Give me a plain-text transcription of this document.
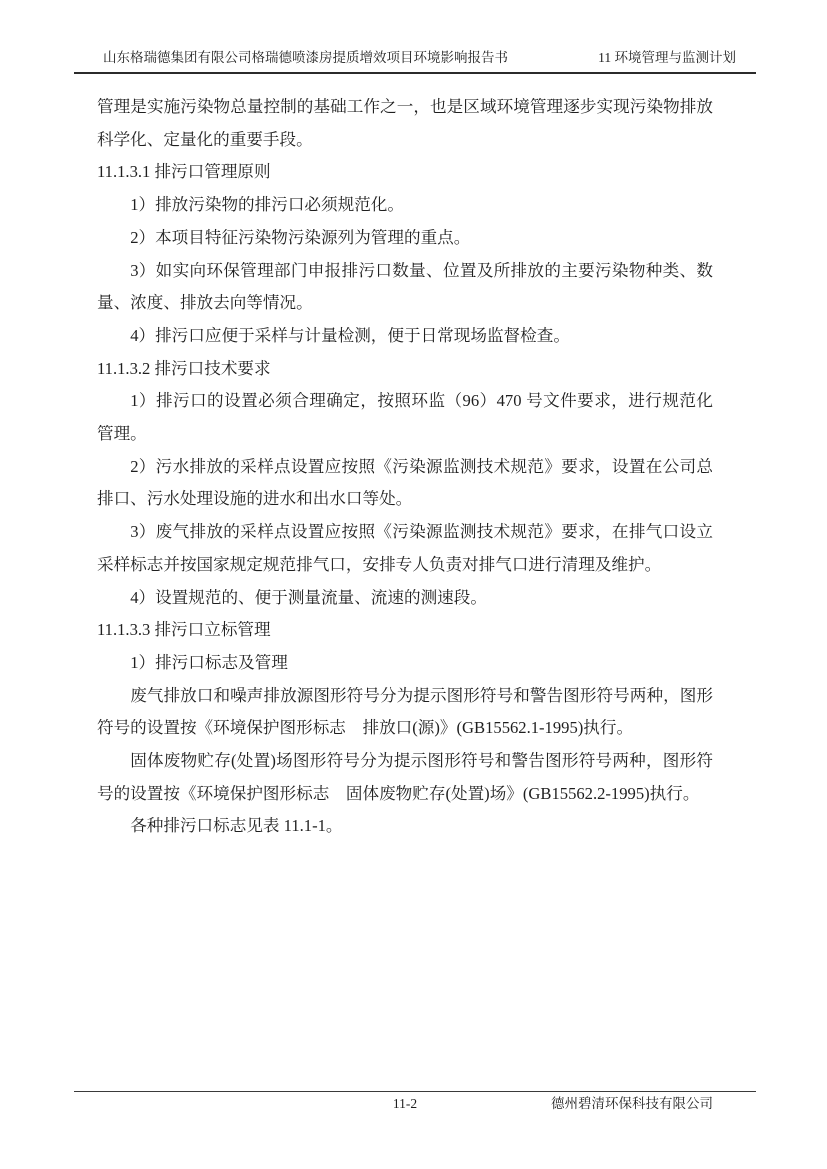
山东格瑞德集团有限公司格瑞德喷漆房提质增效项目环境影响报告书	11 环境管理与监测计划

管理是实施污染物总量控制的基础工作之一，也是区域环境管理逐步实现污染物排放科学化、定量化的重要手段。

11.1.3.1 排污口管理原则

1）排放污染物的排污口必须规范化。

2）本项目特征污染物污染源列为管理的重点。

3）如实向环保管理部门申报排污口数量、位置及所排放的主要污染物种类、数量、浓度、排放去向等情况。

4）排污口应便于采样与计量检测，便于日常现场监督检查。

11.1.3.2 排污口技术要求

1）排污口的设置必须合理确定，按照环监（96）470 号文件要求，进行规范化管理。

2）污水排放的采样点设置应按照《污染源监测技术规范》要求，设置在公司总排口、污水处理设施的进水和出水口等处。

3）废气排放的采样点设置应按照《污染源监测技术规范》要求，在排气口设立采样标志并按国家规定规范排气口，安排专人负责对排气口进行清理及维护。

4）设置规范的、便于测量流量、流速的测速段。

11.1.3.3 排污口立标管理

1）排污口标志及管理

废气排放口和噪声排放源图形符号分为提示图形符号和警告图形符号两种，图形符号的设置按《环境保护图形标志　排放口(源)》(GB15562.1-1995)执行。

固体废物贮存(处置)场图形符号分为提示图形符号和警告图形符号两种，图形符号的设置按《环境保护图形标志　固体废物贮存(处置)场》(GB15562.2-1995)执行。

各种排污口标志见表 11.1-1。

11-2	德州碧清环保科技有限公司
